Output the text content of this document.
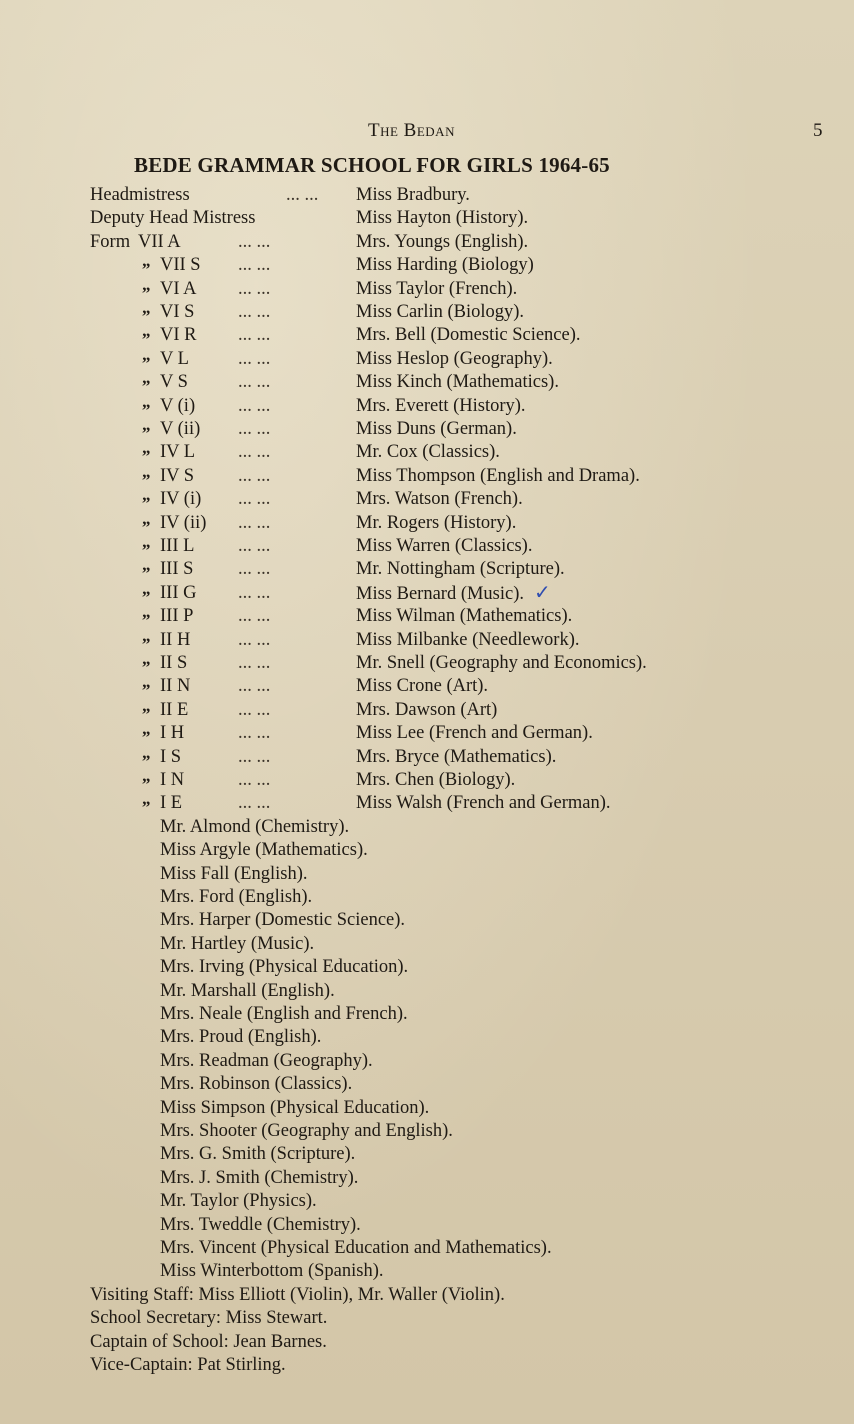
The Bedan	5
BEDE GRAMMAR SCHOOL FOR GIRLS 1964-65
Headmistress	... ... Miss Bradbury.
Deputy Head Mistress	Miss Hayton (History).
Form VII A	... ...	Mrs. Youngs (English).
„ VII S ... ...	Miss Harding (Biology)
„ VI A ... ...	Miss Taylor (French).
„ VI S ... ...	Miss Carlin (Biology).
„ VI R ... ...	Mrs. Bell (Domestic Science).
„ V L	... ...	Miss Heslop (Geography).
„ V S	... ...	Miss Kinch (Mathematics).
„ V (i) ... ...	Mrs. Everett (History).
„ V (ii) ... ...	Miss Duns (German).
„ IV L ... ...	Mr. Cox (Classics).
„ IV S ... ...	Miss Thompson (English and Drama).
„ IV (i) ... ...	Mrs. Watson (French).
„ IV (ii) ... ...	Mr. Rogers (History).
„ III L ... ...	Miss Warren (Classics).
„ III S ... ...	Mr. Nottingham (Scripture).
„ III G ... ...	Miss Bernard (Music). ✓
„ III P ... ...	Miss Wilman (Mathematics).
„ II H	... ...	Miss Milbanke (Needlework).
„ II S	... ...	Mr. Snell (Geography and Economics).
„ II N	... ...	Miss Crone (Art).
„ II E	... ...	Mrs. Dawson (Art)
„ I H	... ...	Miss Lee (French and German).
„ I S	... ...	Mrs. Bryce (Mathematics).
„ I N	... ...	Mrs. Chen (Biology).
„ I E	... ...	Miss Walsh (French and German).
Mr. Almond (Chemistry).
Miss Argyle (Mathematics).
Miss Fall (English).
Mrs. Ford (English).
Mrs. Harper (Domestic Science).
Mr. Hartley (Music).
Mrs. Irving (Physical Education).
Mr. Marshall (English).
Mrs. Neale (English and French).
Mrs. Proud (English).
Mrs. Readman (Geography).
Mrs. Robinson (Classics).
Miss Simpson (Physical Education).
Mrs. Shooter (Geography and English).
Mrs. G. Smith (Scripture).
Mrs. J. Smith (Chemistry).
Mr. Taylor (Physics).
Mrs. Tweddle (Chemistry).
Mrs. Vincent (Physical Education and Mathematics).
Miss Winterbottom (Spanish).
Visiting Staff: Miss Elliott (Violin), Mr. Waller (Violin).
School Secretary: Miss Stewart.
Captain of School: Jean Barnes.
Vice-Captain: Pat Stirling.
